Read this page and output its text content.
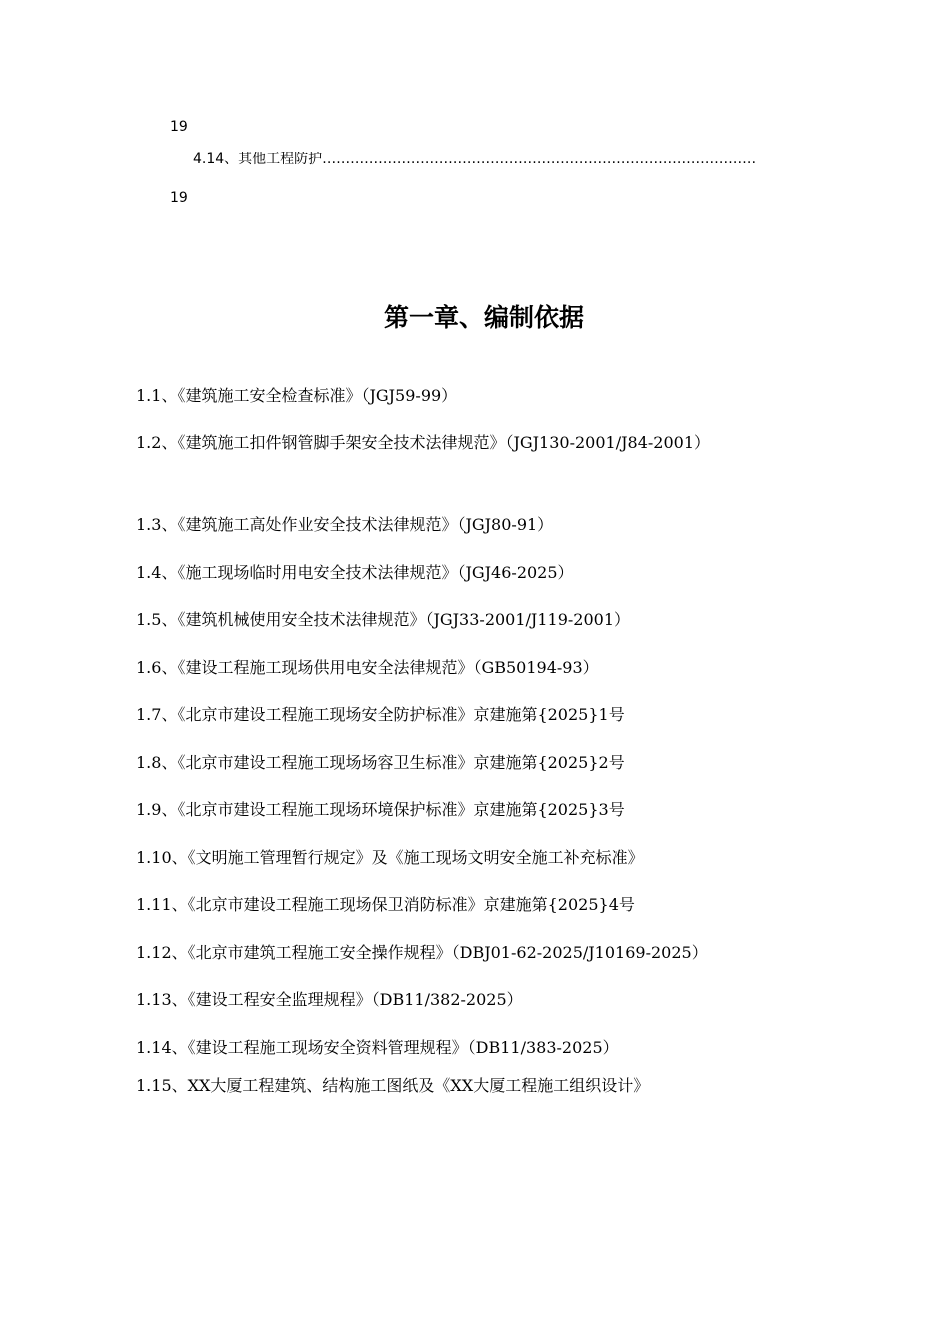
19
4.14、其他工程防护…………………………………………………………………………………
19
第一章、编制依据
1.1、《建筑施工安全检查标准》（JGJ59-99）
1.2、《建筑施工扣件钢管脚手架安全技术法律规范》（JGJ130-2001/J84-2001）
1.3、《建筑施工高处作业安全技术法律规范》（JGJ80-91）
1.4、《施工现场临时用电安全技术法律规范》（JGJ46-2025）
1.5、《建筑机械使用安全技术法律规范》（JGJ33-2001/J119-2001）
1.6、《建设工程施工现场供用电安全法律规范》（GB50194-93）
1.7、《北京市建设工程施工现场安全防护标准》京建施第{2025}1号
1.8、《北京市建设工程施工现场场容卫生标准》京建施第{2025}2号
1.9、《北京市建设工程施工现场环境保护标准》京建施第{2025}3号
1.10、《文明施工管理暂行规定》及《施工现场文明安全施工补充标准》
1.11、《北京市建设工程施工现场保卫消防标准》京建施第{2025}4号
1.12、《北京市建筑工程施工安全操作规程》（DBJ01-62-2025/J10169-2025）
1.13、《建设工程安全监理规程》（DB11/382-2025）
1.14、《建设工程施工现场安全资料管理规程》（DB11/383-2025）
1.15、XX大厦工程建筑、结构施工图纸及《XX大厦工程施工组织设计》
